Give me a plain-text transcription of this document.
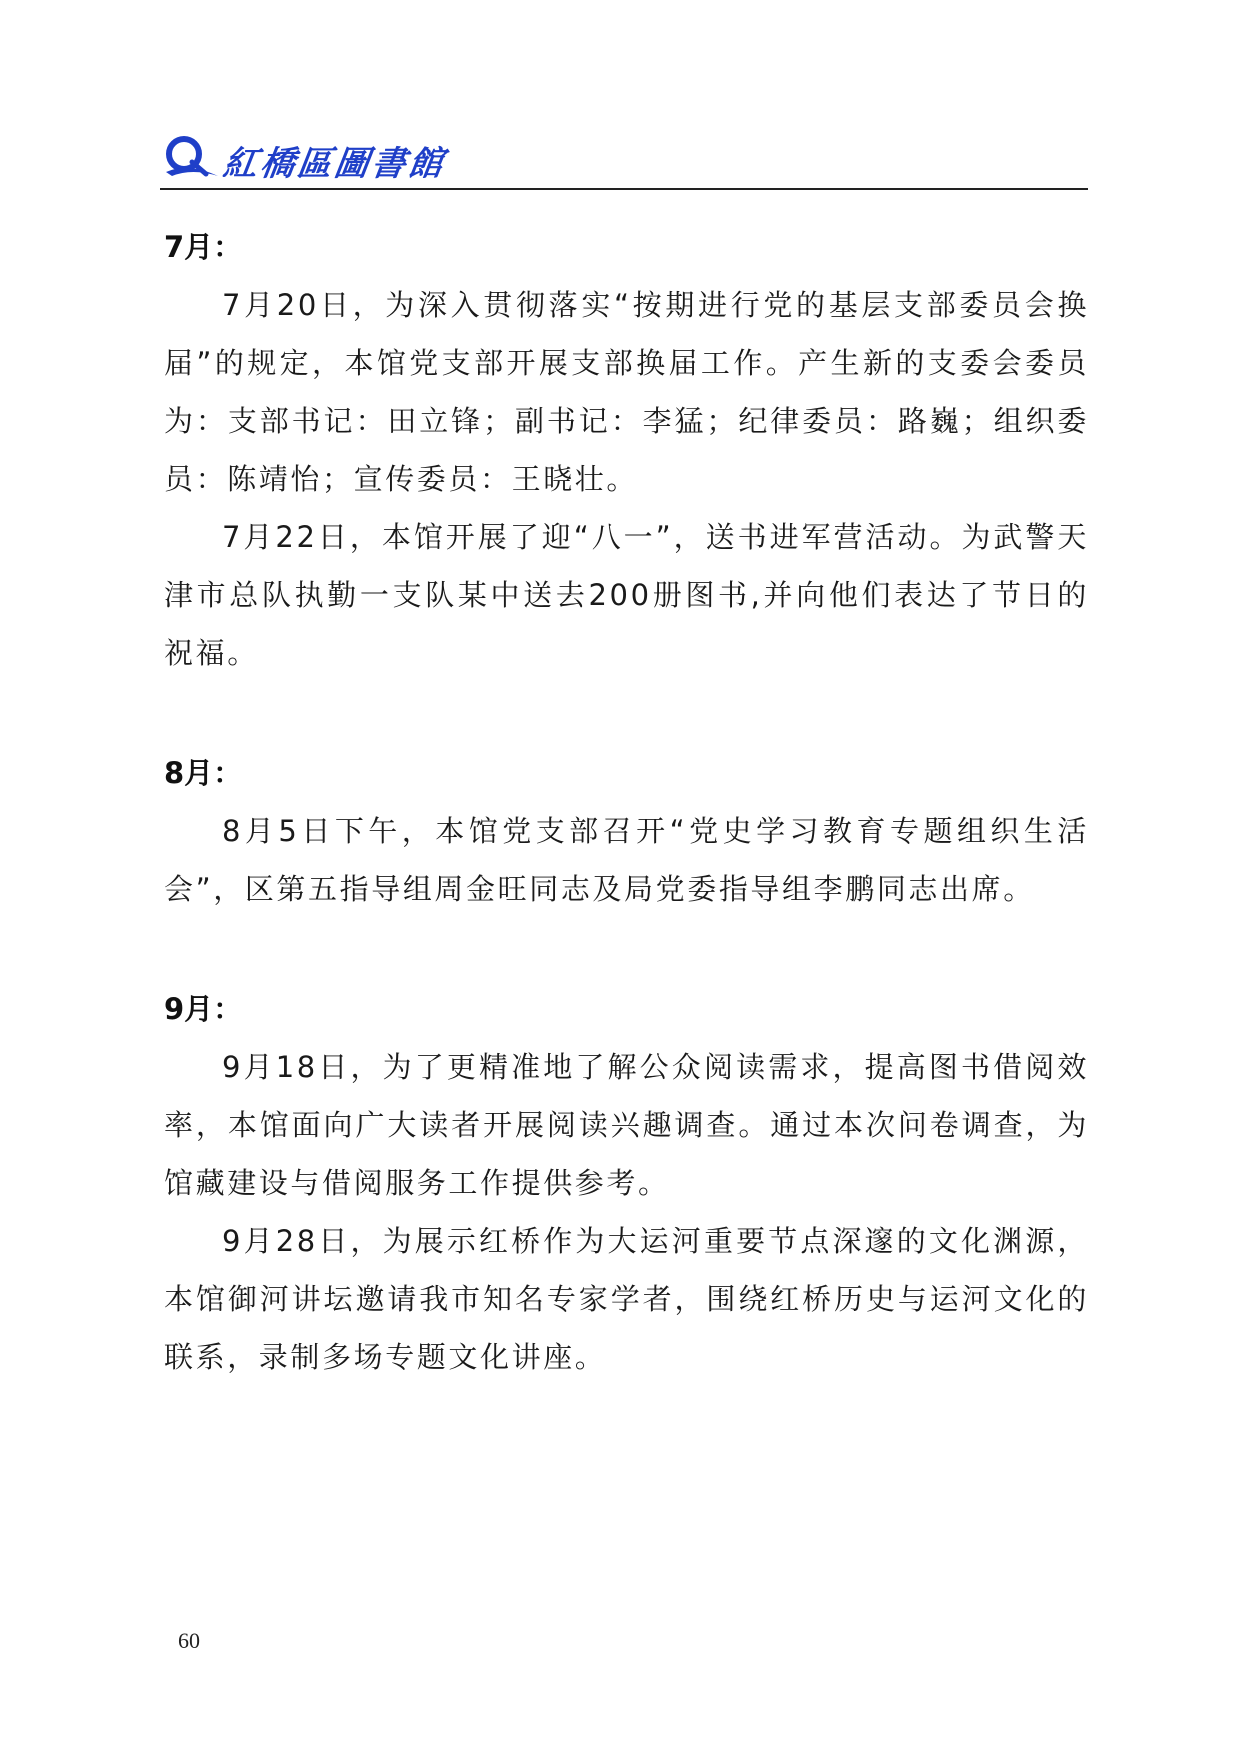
紅橋區圖書館
7月：

7月20日，为深入贯彻落实“按期进行党的基层支部委员会换届”的规定，本馆党支部开展支部换届工作。产生新的支委会委员为：支部书记：田立锋；副书记：李猛；纪律委员：路巍；组织委员：陈靖怡；宣传委员：王晓壮。

7月22日，本馆开展了迎“八一”，送书进军营活动。为武警天津市总队执勤一支队某中送去200册图书,并向他们表达了节日的祝福。

8月：

8月5日下午，本馆党支部召开“党史学习教育专题组织生活会”，区第五指导组周金旺同志及局党委指导组李鹏同志出席。

9月：

9月18日，为了更精准地了解公众阅读需求，提高图书借阅效率，本馆面向广大读者开展阅读兴趣调查。通过本次问卷调查，为馆藏建设与借阅服务工作提供参考。

9月28日，为展示红桥作为大运河重要节点深邃的文化渊源，本馆御河讲坛邀请我市知名专家学者，围绕红桥历史与运河文化的联系，录制多场专题文化讲座。

60
